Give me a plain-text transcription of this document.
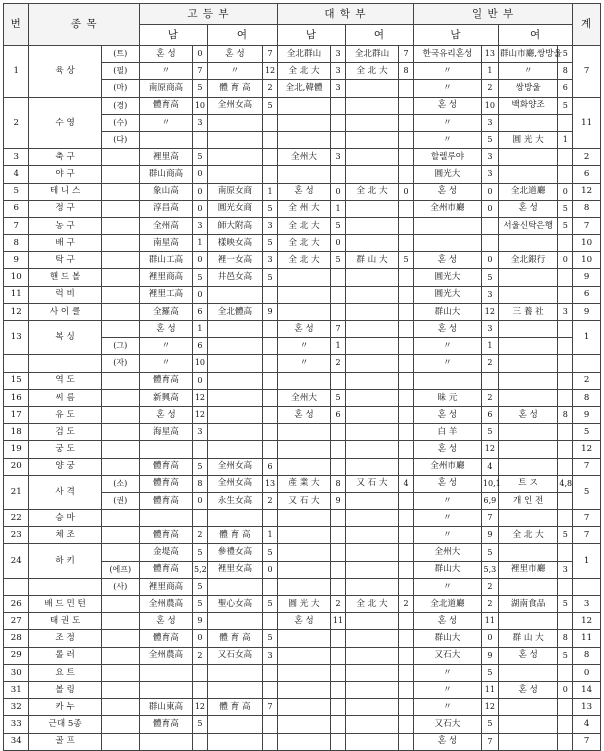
번	종 목		고 등 부				대 학 부				일 반 부				계
			남		여		남		여		남		여		
1	육 상	(트)	혼 성	0	혼 성	7	全北群山	3	全北群山	7	한국유리혼성	13	群山市廳,쌍방울	5	7
		(필)	〃	7	〃	12	全 北 大	3	全 北 大	8	〃	1	〃	8	
		(마)	南原商高	5	體 育 高	2	全北,韓體	3			〃	2	쌍방울	6	
2	수 영	(경)	體育高	10	全州女高	5					혼 성	10	백화양조	5	11
		(수)	〃	3							〃	3			
		(다)									〃	5	圓 光 大	1	
3	축 구		裡里高	5			全州大	3			할렐루야	3			2
4	야 구		群山商高	0							圓光大	3			6
5	테 니 스		象山高	0	南原女商	1	혼 성	0	全 北 大	0	혼 성	0	全北道廳	0	12
6	정 구		淳昌高	0	圓光女商	5	全 州 大	1			全州市廳	0	혼 성	5	8
7	농 구		全州高	3	師大附高	3	全 北 大	5					서울신탁은행	5	7
8	배 구		南星高	1	樣映女高	5	全 北 大	0							10
9	탁 구		群山工高	0	裡一女高	3	全 北 大	5	群 山 大	5	혼 성	0	全北銀行	0	10
10	핸 드 볼		裡里商高	5	井邑女高	5					圓光大	5			9
11	럭 비		裡里工高	0							圓光大	3			6
12	사 이 클		全羅高	6	全北體高	9					群山大	12	三 養 社	3	9
13	복 싱		혼 성	1			혼 성	7			혼 성	3			1
		(그)	〃	6			〃	1			〃	1			
		(자)	〃	10			〃	2			〃	2			
15	역 도		體育高	0											2
16	씨 름		新興高	12			全州大	5			昧 元	2			8
17	유 도		혼 성	12			혼 성	6			혼 성	6	혼 성	8	9
18	검 도		海星高	3							白 羊	5			5
19	궁 도										혼 성	12			12
20	양 궁		體育高	5	全州女高	6					全州市廳	4			7
21	사 격	(소)	體育高	8	全州女高	13	產 業 大	8	又 石 大	4	혼 성	10,1	트 ス	4,8	5
		(권)	體育高	0	永生女高	2	又 石 大	9			〃	6,9	개 인 전		
22	승 마										〃	7			7
23	체 조		體育高	2	體 育 高	1					〃	9	全 北 大	5	7
24	하 키		金堤高	5	參禮女高	5					全州大	5			1
		(에프)	體育高	5,2	裡里女高	0					群山大	5,3	裡里市廳	3	
		(사)	裡里商高	5							〃	2			
26	배 드 민 턴		全州農高	5	聖心女高	5	圓 光 大	2	全 北 大	2	全北道廳	2	湖南食品	5	3
27	태 권 도		혼 성	9			혼 성	11			혼 성	11			12
28	조 정		體育高	0	體 育 高	5					群山大	0	群 山 大	8	11
29	롤 러		全州農高	2	又石女高	3					又石大	9	혼 성	5	8
30	요 트										〃	5			0
31	볼 링										〃	11	혼 성	0	14
32	카 누		群山東高	12	體 育 高	7					〃	12			13
33	근대 5종		體育高	5							又石大	5			4
34	골 프										혼 성	7			7
